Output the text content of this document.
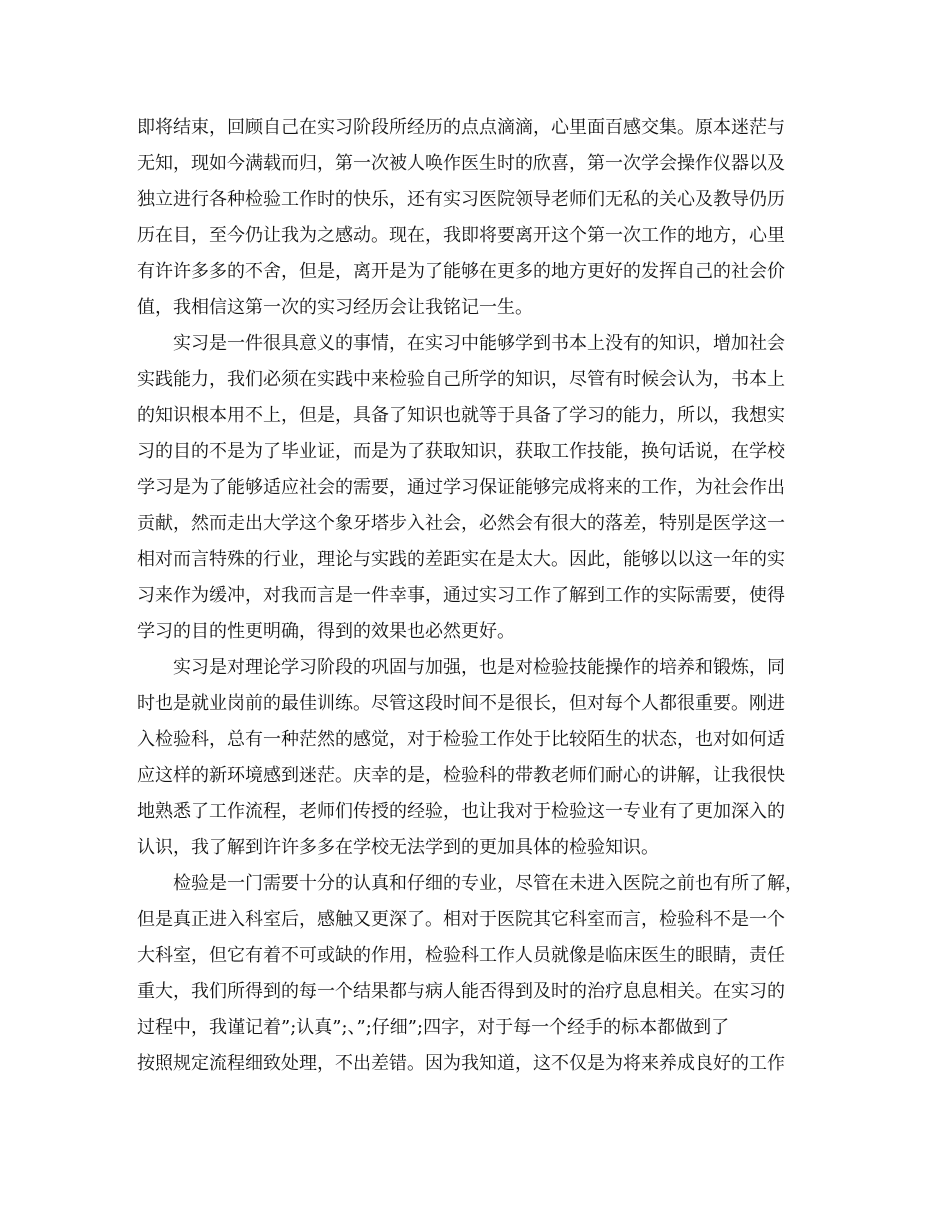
即将结束，回顾自己在实习阶段所经历的点点滴滴，心里面百感交集。原本迷茫与
无知，现如今满载而归，第一次被人唤作医生时的欣喜，第一次学会操作仪器以及
独立进行各种检验工作时的快乐，还有实习医院领导老师们无私的关心及教导仍历
历在目，至今仍让我为之感动。现在，我即将要离开这个第一次工作的地方，心里
有许许多多的不舍，但是，离开是为了能够在更多的地方更好的发挥自己的社会价
值，我相信这第一次的实习经历会让我铭记一生。
实习是一件很具意义的事情，在实习中能够学到书本上没有的知识，增加社会
实践能力，我们必须在实践中来检验自己所学的知识，尽管有时候会认为，书本上
的知识根本用不上，但是，具备了知识也就等于具备了学习的能力，所以，我想实
习的目的不是为了毕业证，而是为了获取知识，获取工作技能，换句话说，在学校
学习是为了能够适应社会的需要，通过学习保证能够完成将来的工作，为社会作出
贡献，然而走出大学这个象牙塔步入社会，必然会有很大的落差，特别是医学这一
相对而言特殊的行业，理论与实践的差距实在是太大。因此，能够以以这一年的实
习来作为缓冲，对我而言是一件幸事，通过实习工作了解到工作的实际需要，使得
学习的目的性更明确，得到的效果也必然更好。
实习是对理论学习阶段的巩固与加强，也是对检验技能操作的培养和锻炼，同
时也是就业岗前的最佳训练。尽管这段时间不是很长，但对每个人都很重要。刚进
入检验科，总有一种茫然的感觉，对于检验工作处于比较陌生的状态，也对如何适
应这样的新环境感到迷茫。庆幸的是，检验科的带教老师们耐心的讲解，让我很快
地熟悉了工作流程，老师们传授的经验，也让我对于检验这一专业有了更加深入的
认识，我了解到许许多多在学校无法学到的更加具体的检验知识。
检验是一门需要十分的认真和仔细的专业，尽管在未进入医院之前也有所了解，
但是真正进入科室后，感触又更深了。相对于医院其它科室而言，检验科不是一个
大科室，但它有着不可或缺的作用，检验科工作人员就像是临床医生的眼睛，责任
重大，我们所得到的每一个结果都与病人能否得到及时的治疗息息相关。在实习的
过程中，我谨记着”;认真”;、”;仔细”;四字，对于每一个经手的标本都做到了
按照规定流程细致处理，不出差错。因为我知道，这不仅是为将来养成良好的工作
